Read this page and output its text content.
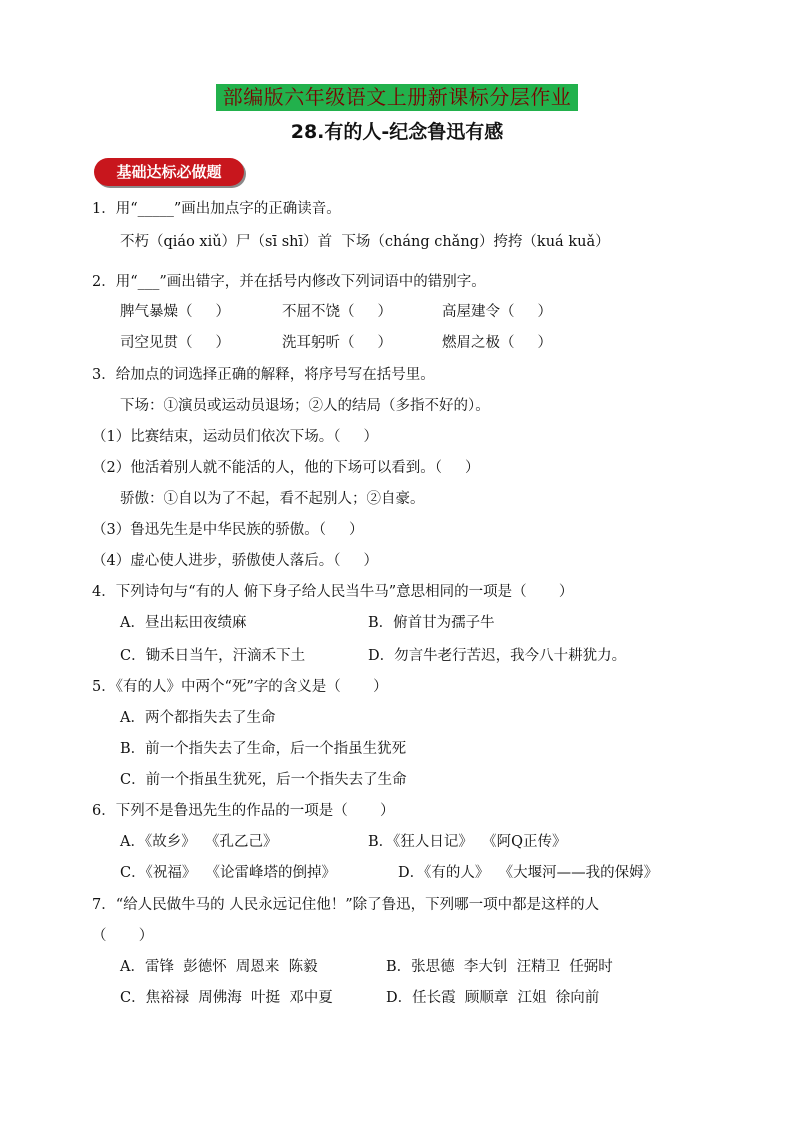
部编版六年级语文上册新课标分层作业
28.有的人-纪念鲁迅有感
基础达标必做题
1．用“_____”画出加点字的正确读音。
不朽（qiáo xiǔ）尸（sī shī）首  下场（cháng chǎng）挎挎（kuá kuǎ）
2．用“___”画出错字，并在括号内修改下列词语中的错别字。
脾气暴燥（     ）	不屈不饶（     ）	高屋建令（     ）
司空见贯（     ）	洗耳躬听（     ）	燃眉之极（     ）
3．给加点的词选择正确的解释，将序号写在括号里。
下场：①演员或运动员退场；②人的结局（多指不好的）。
（1）比赛结束，运动员们依次下场。（     ）
（2）他活着别人就不能活的人，他的下场可以看到。（     ）
骄傲：①自以为了不起，看不起别人；②自豪。
（3）鲁迅先生是中华民族的骄傲。（     ）
（4）虚心使人进步，骄傲使人落后。（     ）
4．下列诗句与“有的人 俯下身子给人民当牛马”意思相同的一项是（       ）
A．昼出耘田夜绩麻	B．俯首甘为孺子牛
C．锄禾日当午，汗滴禾下土	D．勿言牛老行苦迟，我今八十耕犹力。
5．《有的人》中两个“死”字的含义是（       ）
A．两个都指失去了生命
B．前一个指失去了生命，后一个指虽生犹死
C．前一个指虽生犹死，后一个指失去了生命
6．下列不是鲁迅先生的作品的一项是（       ）
A．《故乡》  《孔乙己》	B．《狂人日记》  《阿Q正传》
C．《祝福》  《论雷峰塔的倒掉》	D．《有的人》  《大堰河——我的保姆》
7．“给人民做牛马的 人民永远记住他！”除了鲁迅，下列哪一项中都是这样的人
（       ）
A．雷锋  彭德怀  周恩来  陈毅	B．张思德  李大钊  汪精卫  任弼时
C．焦裕禄  周佛海  叶挺  邓中夏	D．任长霞  顾顺章  江姐  徐向前
